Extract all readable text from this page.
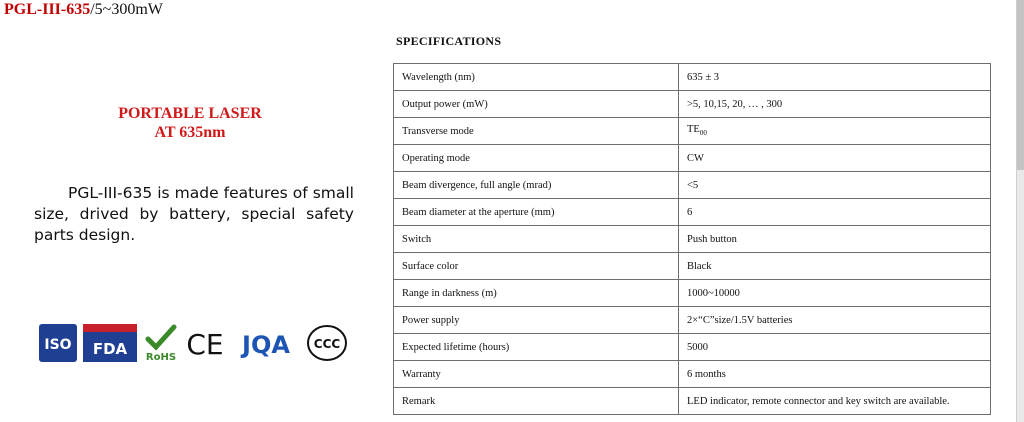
PGL-III-635/5~300mW
PORTABLE LASER
AT 635nm
PGL-III-635 is made features of small size, drived by battery, special safety parts design.
ISO FDA RoHS CE JQA CCC
SPECIFICATIONS
Wavelength (nm)	635 ± 3
Output power (mW)	>5, 10,15, 20, … , 300
Transverse mode	$TE_{00}$
Operating mode	CW
Beam divergence, full angle (mrad)	<5
Beam diameter at the aperture (mm)	6
Switch	Push button
Surface color	Black
Range in darkness (m)	1000~10000
Power supply	2×“C”size/1.5V batteries
Expected lifetime (hours)	5000
Warranty	6 months
Remark	LED indicator, remote connector and key switch are available.
